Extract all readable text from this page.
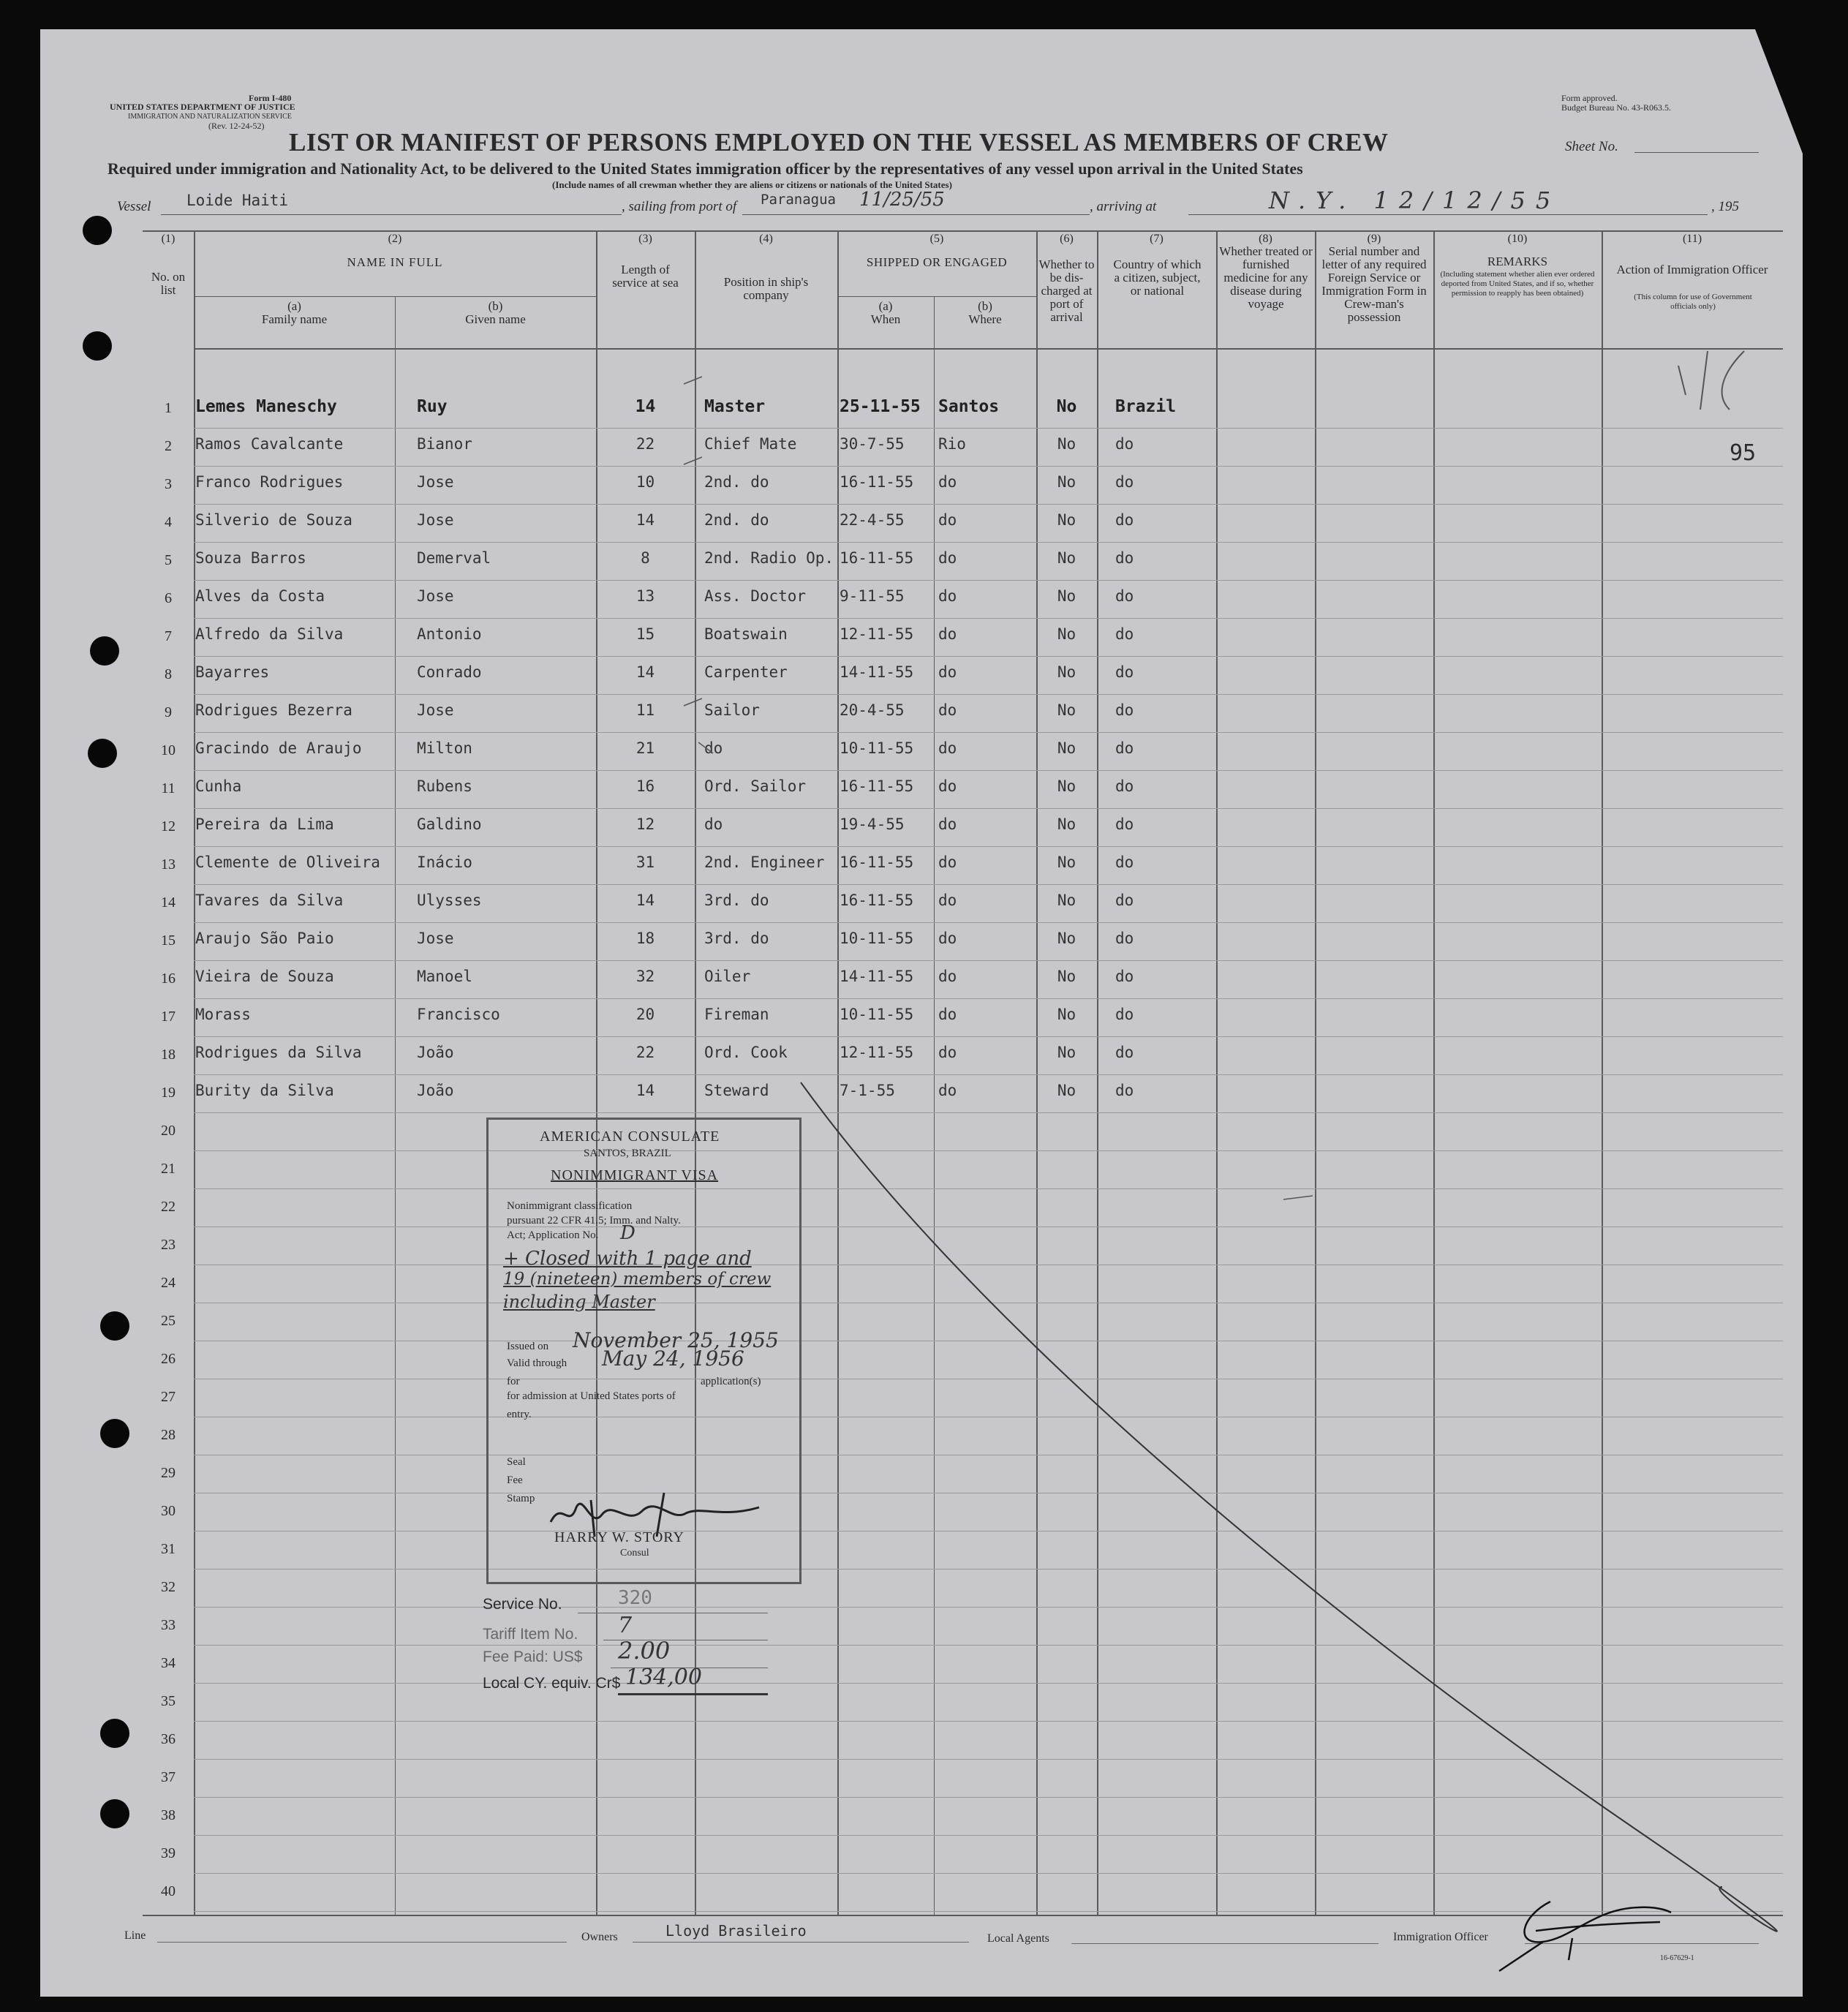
Form I-480
UNITED STATES DEPARTMENT OF JUSTICE
IMMIGRATION AND NATURALIZATION SERVICE
(Rev. 12-24-52)
Form approved.
Budget Bureau No. 43-R063.5.
LIST OR MANIFEST OF PERSONS EMPLOYED ON THE VESSEL AS MEMBERS OF CREW	Sheet No.
Required under immigration and Nationality Act, to be delivered to the United States immigration officer by the representatives of any vessel upon arrival in the United States
(Include names of all crewman whether they are aliens or citizens or nationals of the United States)
Vessel Loide Haiti	, sailing from port of Paranagua 11/25/55	, arriving at	N.Y. 12/12/55	, 195
95
(1)	(2)	(3)	(4)	(5)	(6)	(7)	(8)	(9)	(10)	(11)
No. on list
NAME IN FULL
(a)
Family name
(b)
Given name
Length of service at sea	Position in ship's company
SHIPPED OR ENGAGED
(a)
When
(b)
Where
Whether to be dis-charged at port of arrival
Country of which a citizen, subject, or national
Whether treated or furnished medicine for any disease during voyage
Serial number and letter of any required Foreign Service or Immigration Form in Crew-man's possession
REMARKS
(Including statement whether alien ever ordered deported from United States, and if so, whether permission to reapply has been obtained)
Action of Immigration Officer
(This column for use of Government officials only)
1	Lemes Maneschy	Ruy	14	Master	25-11-55	Santos	No	Brazil
2	Ramos Cavalcante	Bianor	22	Chief Mate	30-7-55	Rio	No	do
3	Franco Rodrigues	Jose	10	2nd. do	16-11-55	do	No	do
4	Silverio de Souza	Jose	14	2nd. do	22-4-55	do	No	do
5	Souza Barros	Demerval	8	2nd. Radio Op. 16-11-55	do	No	do
6	Alves da Costa	Jose	13	Ass. Doctor	9-11-55	do	No	do
7	Alfredo da Silva	Antonio	15	Boatswain	12-11-55	do	No	do
8	Bayarres	Conrado	14	Carpenter	14-11-55	do	No	do
9	Rodrigues Bezerra	Jose	11	Sailor	20-4-55	do	No	do
10	Gracindo de Araujo	Milton	21	do	10-11-55	do	No	do
11	Cunha	Rubens	16	Ord. Sailor	16-11-55	do	No	do
12	Pereira da Lima	Galdino	12	do	19-4-55	do	No	do
13	Clemente de Oliveira	Inácio	31	2nd. Engineer 16-11-55	do	No	do
14	Tavares da Silva	Ulysses	14	3rd. do	16-11-55	do	No	do
15	Araujo São Paio	Jose	18	3rd. do	10-11-55	do	No	do
16	Vieira de Souza	Manoel	32	Oiler	14-11-55	do	No	do
17	Morass	Francisco	20	Fireman	10-11-55	do	No	do
18	Rodrigues da Silva	João	22	Ord. Cook	12-11-55	do	No	do
19	Burity da Silva	João	14	Steward	7-1-55	do	No	do
20
21
22
23
24
25
26
27
28
29
30
31
32
33
34
35
36
37
38
39
40
AMERICAN CONSULATE
SANTOS, BRAZIL
NONIMMIGRANT VISA
Nonimmigrant classification
pursuant 22 CFR 41.5; Imm. and Nalty.
Act; Application No. D
+ Closed with 1 page and
19 (nineteen) members of crew
including Master
Issued on November 25, 1955
Valid through May 24, 1956
for	application(s)
for admission at United States ports of
entry.
Seal
Fee
Stamp
HARRY W. STORY
Consul
Service No.	320
Tariff Item No. 7
Fee Paid: US$ 2.00
Local CY. equiv. Cr$ 134,00
Line	Owners	Lloyd Brasileiro	Local Agents	Immigration Officer
16-67629-1
